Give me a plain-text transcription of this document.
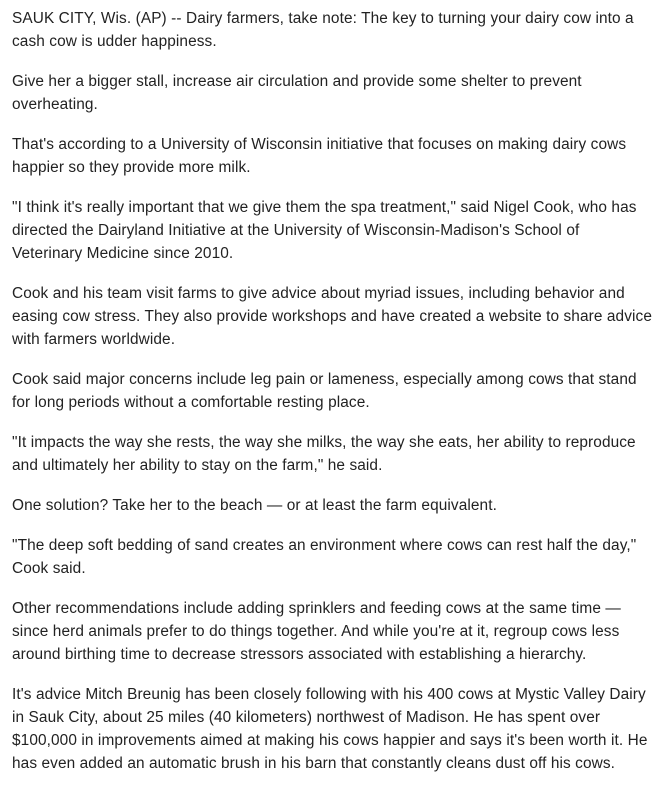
SAUK CITY, Wis. (AP) -- Dairy farmers, take note: The key to turning your dairy cow into a cash cow is udder happiness.

Give her a bigger stall, increase air circulation and provide some shelter to prevent overheating.

That's according to a University of Wisconsin initiative that focuses on making dairy cows happier so they provide more milk.

"I think it's really important that we give them the spa treatment," said Nigel Cook, who has directed the Dairyland Initiative at the University of Wisconsin-Madison's School of Veterinary Medicine since 2010.

Cook and his team visit farms to give advice about myriad issues, including behavior and easing cow stress. They also provide workshops and have created a website to share advice with farmers worldwide.

Cook said major concerns include leg pain or lameness, especially among cows that stand for long periods without a comfortable resting place.

"It impacts the way she rests, the way she milks, the way she eats, her ability to reproduce and ultimately her ability to stay on the farm," he said.

One solution? Take her to the beach — or at least the farm equivalent.

"The deep soft bedding of sand creates an environment where cows can rest half the day," Cook said.

Other recommendations include adding sprinklers and feeding cows at the same time — since herd animals prefer to do things together. And while you're at it, regroup cows less around birthing time to decrease stressors associated with establishing a hierarchy.

It's advice Mitch Breunig has been closely following with his 400 cows at Mystic Valley Dairy in Sauk City, about 25 miles (40 kilometers) northwest of Madison. He has spent over $100,000 in improvements aimed at making his cows happier and says it's been worth it. He has even added an automatic brush in his barn that constantly cleans dust off his cows.
